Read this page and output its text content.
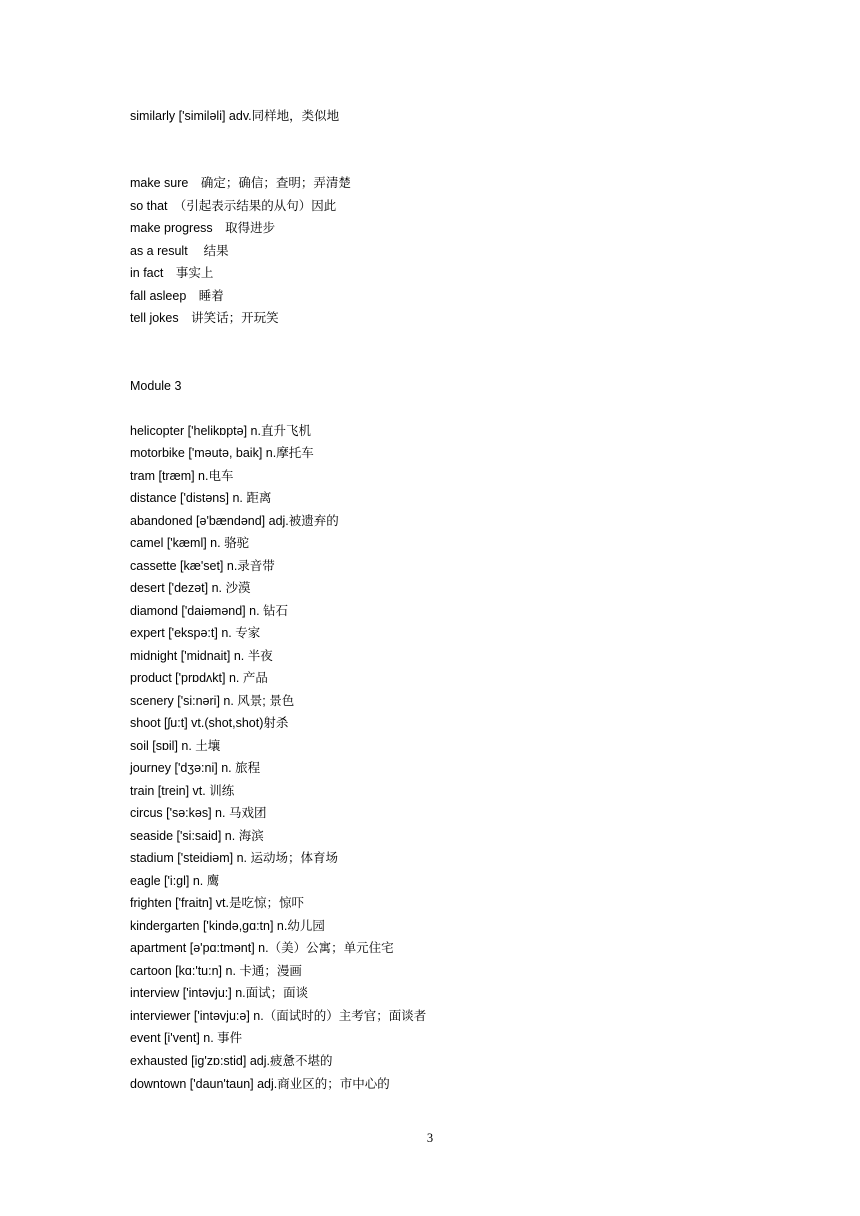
similarly ['similəli] adv.同样地，类似地
make sure　确定；确信；查明；弄清楚
so that　（引起表示结果的从句）因此
make progress　取得进步
as a result　 结果
in fact　事实上
fall asleep　睡着
tell jokes　讲笑话；开玩笑
Module 3
helicopter ['helikɒptə] n.直升飞机
motorbike ['məutə, baik] n.摩托车
tram [træm] n.电车
distance ['distəns] n. 距离
abandoned [ə'bændənd] adj.被遗弃的
camel ['kæml] n. 骆驼
cassette [kæ'set] n.录音带
desert ['dezət] n. 沙漠
diamond ['daiəmənd] n. 钻石
expert ['ekspə:t] n. 专家
midnight ['midnait] n. 半夜
product ['prɒdʌkt] n. 产品
scenery ['si:nəri] n. 风景; 景色
shoot [ʃu:t] vt.(shot,shot)射杀
soil [sɒil] n. 土壤
journey ['dʒə:ni] n. 旅程
train [trein] vt. 训练
circus ['sə:kəs] n. 马戏团
seaside ['si:said] n. 海滨
stadium ['steidiəm] n. 运动场；体育场
eagle ['i:gl] n. 鹰
frighten ['fraitn] vt.是吃惊；惊吓
kindergarten ['kində,gɑ:tn] n.幼儿园
apartment [ə'pɑ:tmənt] n.（美）公寓；单元住宅
cartoon [kɑ:'tu:n] n. 卡通；漫画
interview ['intəvju:] n.面试；面谈
interviewer ['intəvju:ə] n.（面试时的）主考官；面谈者
event [i'vent] n. 事件
exhausted [ig'zɒ:stid] adj.疲惫不堪的
downtown ['daun'taun] adj.商业区的；市中心的
3
